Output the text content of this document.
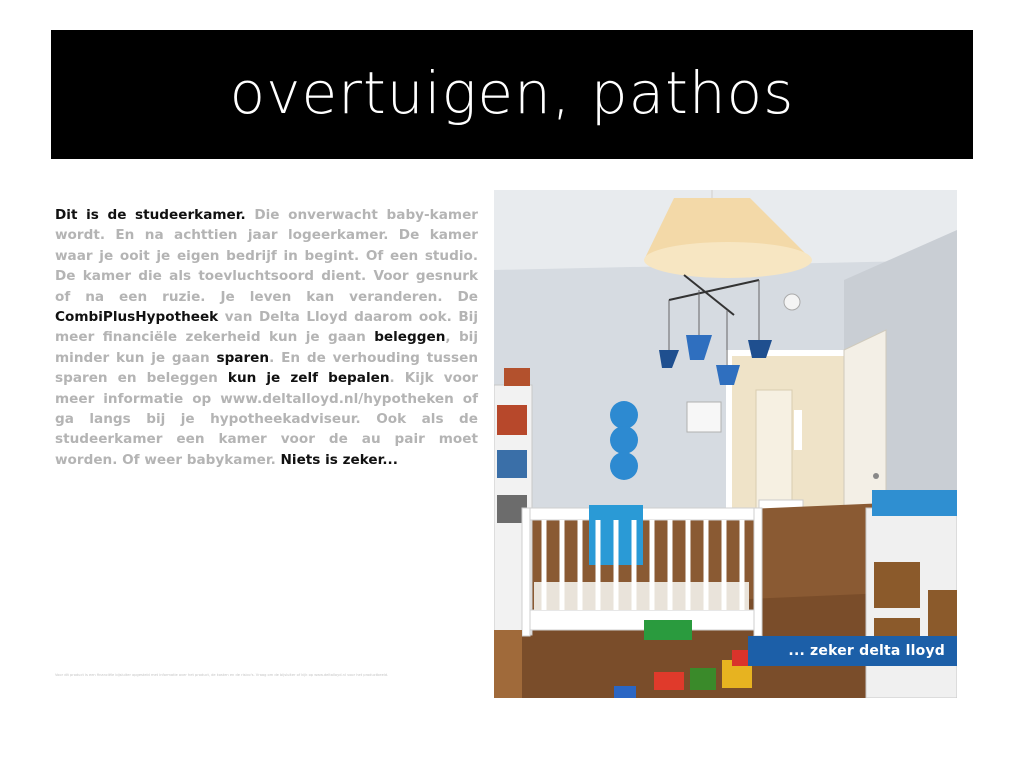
overtuigen, pathos
Dit is de studeerkamer. Die onverwacht baby-kamer wordt. En na achttien jaar logeerkamer. De kamer waar je ooit je eigen bedrijf in begint. Of een studio. De kamer die als toevluchtsoord dient. Voor gesnurk of na een ruzie. Je leven kan veranderen. De CombiPlusHypotheek van Delta Lloyd daarom ook. Bij meer financiële zekerheid kun je gaan beleggen, bij minder kun je gaan sparen. En de verhouding tussen sparen en beleggen kun je zelf bepalen. Kijk voor meer informatie op www.deltalloyd.nl/hypotheken of ga langs bij je hypotheekadviseur. Ook als de studeerkamer een kamer voor de au pair moet worden. Of weer babykamer. Niets is zeker...
Voor dit product is een financiële bijsluiter opgesteld met informatie over het product, de kosten en de risico's. Vraag om de bijsluiter of kijk op www.deltalloyd.nl voor het productbeeld.
... zeker delta lloyd
